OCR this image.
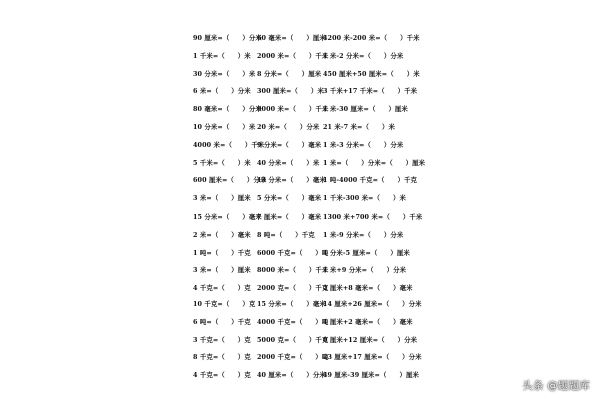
90 厘米=（　　）分米
60 毫米=（　　）厘米
4200 米-200 米=（　　）千米
1 千米=（　　）米 2000 米=（　　）千米
1 米-2 分米=（　　）分米
30 分米=（　　）米 8 分米=（　　）厘米 450 厘米+50 厘米=（　　）米
6 米=（　　）分米 300 厘米=（　　）米 3 千米+17 千米=（　　）千米
80 毫米=（　　）分米
9000 米=（　　）千米
1 米-30 厘米=（　　）厘米
10 分米=（　　）米 20 米=（　　）分米 21 米-7 米=（　　）米
4000 米=（　　）千米
9 分米=（　　）毫米 1 米-3 分米=（　　）分米
5 千米=（　　）米 40 分米=（　　）米 1 米=（　　）分米=（　　）厘米
600 厘米=（　　）分米
13 分米=（　　）毫米
1 吨-4000 千克=（　　）千克
3 米=（　　）厘米 5 分米=（　　）毫米 1 千米-300 米=（　　）米
15 分米=（　　）毫米
7 厘米=（　　）毫米 1300 米+700 米=（　　）千米
2 米=（　　）毫米 8 吨=（　　）千克 1 米-9 分米=（　　）分米
1 吨=（　　）千克 6000 千克=（　　）吨
1 分米-5 厘米=（　　）厘米
3 米=（　　）厘米 8000 米=（　　）千米
1 米+9 分米=（　　）分米
4 千克=（　　）克 2000 克=（　　）千克
2 厘米+8 毫米=（　　）毫米
10 千克=（　　）克 15 分米=（　　）毫米
14 厘米+26 厘米=（　　）分米
6 吨=（　　）千克 4000 千克=（　　）吨
1 厘米+2 毫米=（　　）毫米
3 千克=（　　）克 5000 克=（　　）千克
8 厘米+12 厘米=（　　）分米
8 千克=（　　）克 2000 千克=（　　）吨
23 厘米+17 厘米=（　　）分米
4 千克=（　　）克 40 厘米=（　　）分米
49 厘米-39 厘米=（　　）厘米
头条 @题题库
